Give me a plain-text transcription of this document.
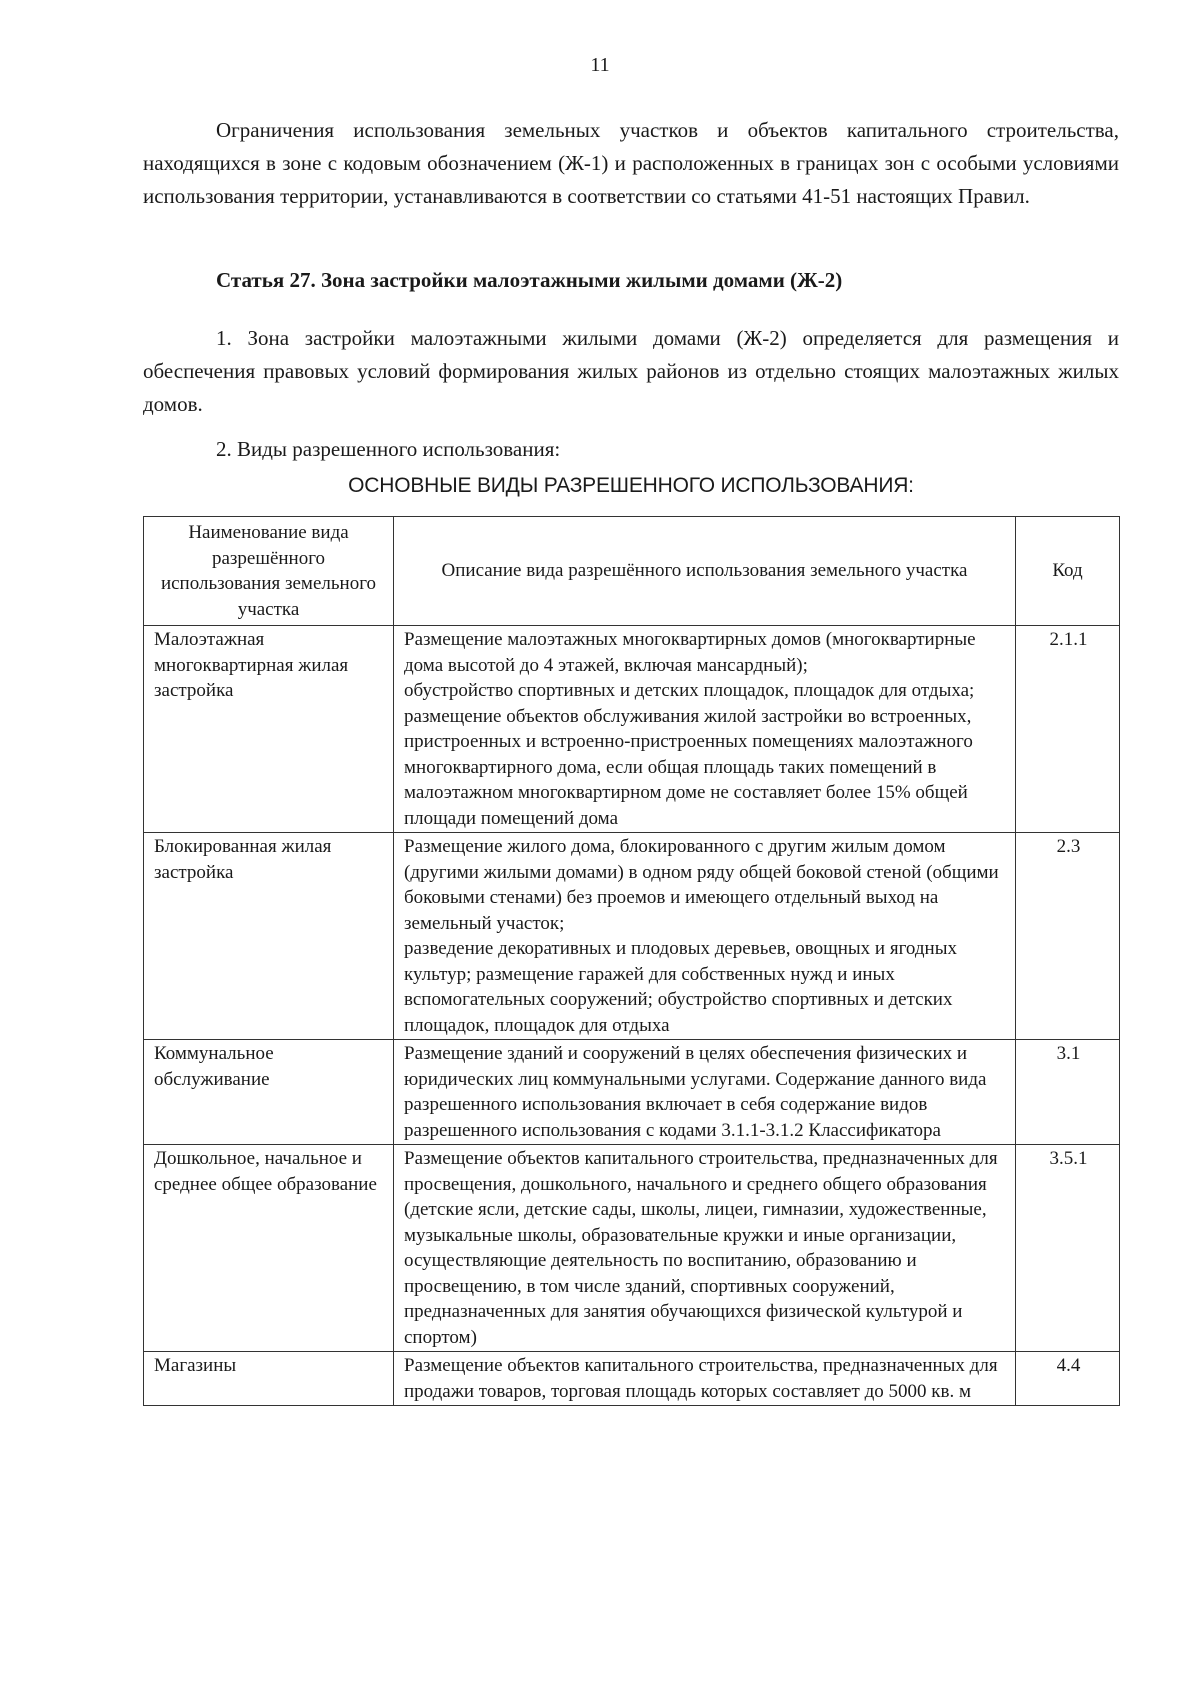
11
Ограничения использования земельных участков и объектов капитального строительства, находящихся в зоне с кодовым обозначением (Ж-1) и расположенных в границах зон с особыми условиями использования территории, устанавливаются в соответствии со статьями 41-51 настоящих Правил.
Статья 27. Зона застройки малоэтажными жилыми домами (Ж-2)
1. Зона застройки малоэтажными жилыми домами (Ж-2) определяется для размещения и обеспечения правовых условий формирования жилых районов из отдельно стоящих малоэтажных жилых домов.
2. Виды разрешенного использования:
ОСНОВНЫЕ ВИДЫ РАЗРЕШЕННОГО ИСПОЛЬЗОВАНИЯ:
Наименование вида разрешённого использования земельного участка	Описание вида разрешённого использования земельного участка	Код
Малоэтажная многоквартирная жилая застройка	Размещение малоэтажных многоквартирных домов (многоквартирные дома высотой до 4 этажей, включая мансардный);
обустройство спортивных и детских площадок, площадок для отдыха;
размещение объектов обслуживания жилой застройки во встроенных, пристроенных и встроенно-пристроенных помещениях малоэтажного многоквартирного дома, если общая площадь таких помещений в малоэтажном многоквартирном доме не составляет более 15% общей площади помещений дома	2.1.1
Блокированная жилая застройка	Размещение жилого дома, блокированного с другим жилым домом (другими жилыми домами) в одном ряду общей боковой стеной (общими боковыми стенами) без проемов и имеющего отдельный выход на земельный участок;
разведение декоративных и плодовых деревьев, овощных и ягодных культур; размещение гаражей для собственных нужд и иных вспомогательных сооружений; обустройство спортивных и детских площадок, площадок для отдыха	2.3
Коммунальное обслуживание	Размещение зданий и сооружений в целях обеспечения физических и юридических лиц коммунальными услугами. Содержание данного вида разрешенного использования включает в себя содержание видов разрешенного использования с кодами 3.1.1-3.1.2 Классификатора	3.1
Дошкольное, начальное и среднее общее образование	Размещение объектов капитального строительства, предназначенных для просвещения, дошкольного, начального и среднего общего образования (детские ясли, детские сады, школы, лицеи, гимназии, художественные, музыкальные школы, образовательные кружки и иные организации, осуществляющие деятельность по воспитанию, образованию и просвещению, в том числе зданий, спортивных сооружений, предназначенных для занятия обучающихся физической культурой и спортом)	3.5.1
Магазины	Размещение объектов капитального строительства, предназначенных для продажи товаров, торговая площадь которых составляет до 5000 кв. м	4.4
